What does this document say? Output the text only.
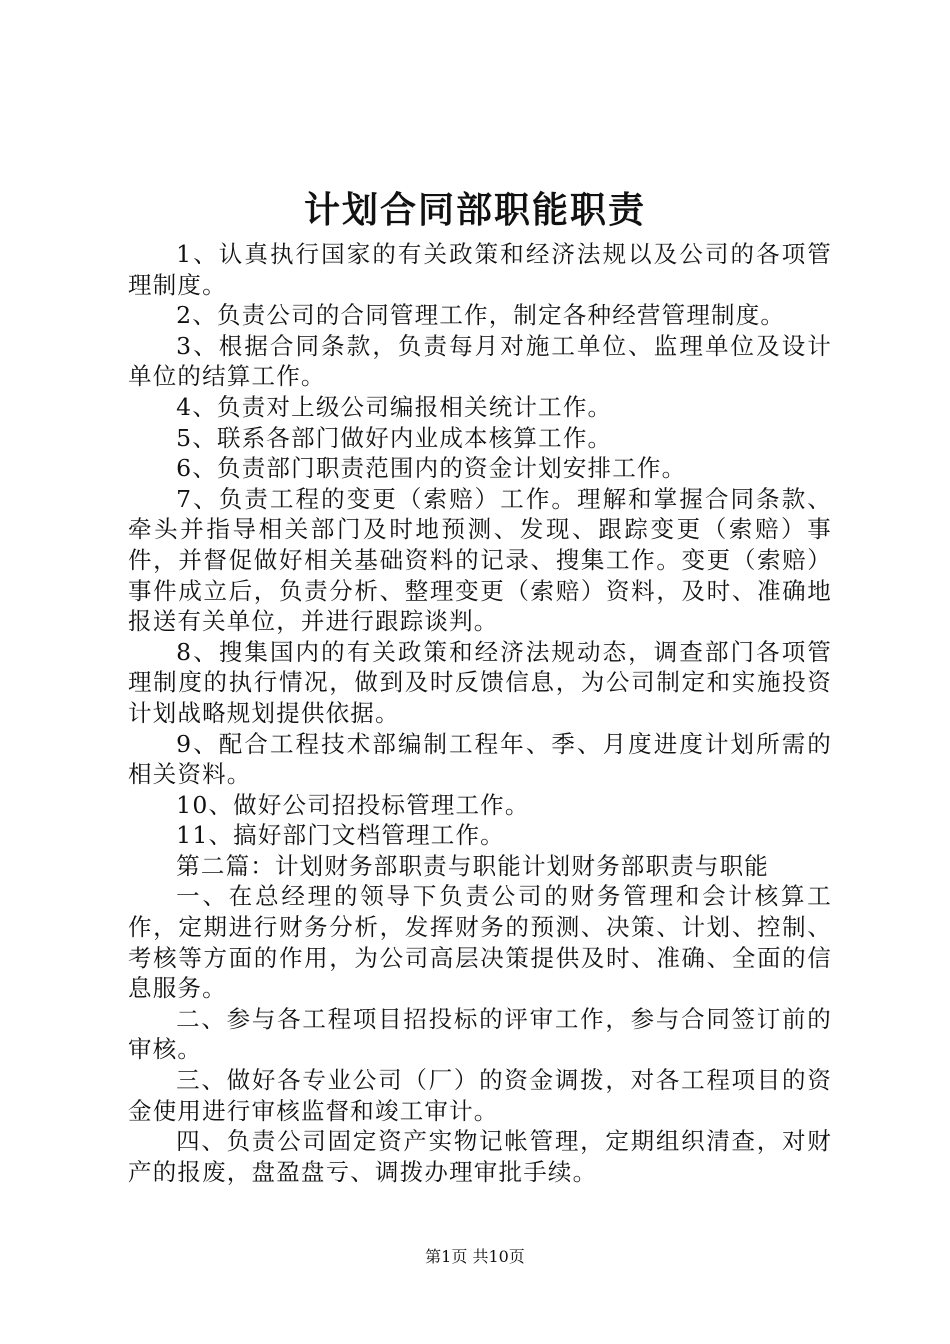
计划合同部职能职责

1、认真执行国家的有关政策和经济法规以及公司的各项管理制度。

2、负责公司的合同管理工作，制定各种经营管理制度。

3、根据合同条款，负责每月对施工单位、监理单位及设计单位的结算工作。

4、负责对上级公司编报相关统计工作。

5、联系各部门做好内业成本核算工作。

6、负责部门职责范围内的资金计划安排工作。

7、负责工程的变更（索赔）工作。理解和掌握合同条款、牵头并指导相关部门及时地预测、发现、跟踪变更（索赔）事件，并督促做好相关基础资料的记录、搜集工作。变更（索赔）事件成立后，负责分析、整理变更（索赔）资料，及时、准确地报送有关单位，并进行跟踪谈判。

8、搜集国内的有关政策和经济法规动态，调查部门各项管理制度的执行情况，做到及时反馈信息，为公司制定和实施投资计划战略规划提供依据。

9、配合工程技术部编制工程年、季、月度进度计划所需的相关资料。

10、做好公司招投标管理工作。

11、搞好部门文档管理工作。

第二篇：计划财务部职责与职能计划财务部职责与职能

一、在总经理的领导下负责公司的财务管理和会计核算工作，定期进行财务分析，发挥财务的预测、决策、计划、控制、考核等方面的作用，为公司高层决策提供及时、准确、全面的信息服务。

二、参与各工程项目招投标的评审工作，参与合同签订前的审核。

三、做好各专业公司（厂）的资金调拨，对各工程项目的资金使用进行审核监督和竣工审计。

四、负责公司固定资产实物记帐管理，定期组织清查，对财产的报废，盘盈盘亏、调拨办理审批手续。

第1页 共10页
